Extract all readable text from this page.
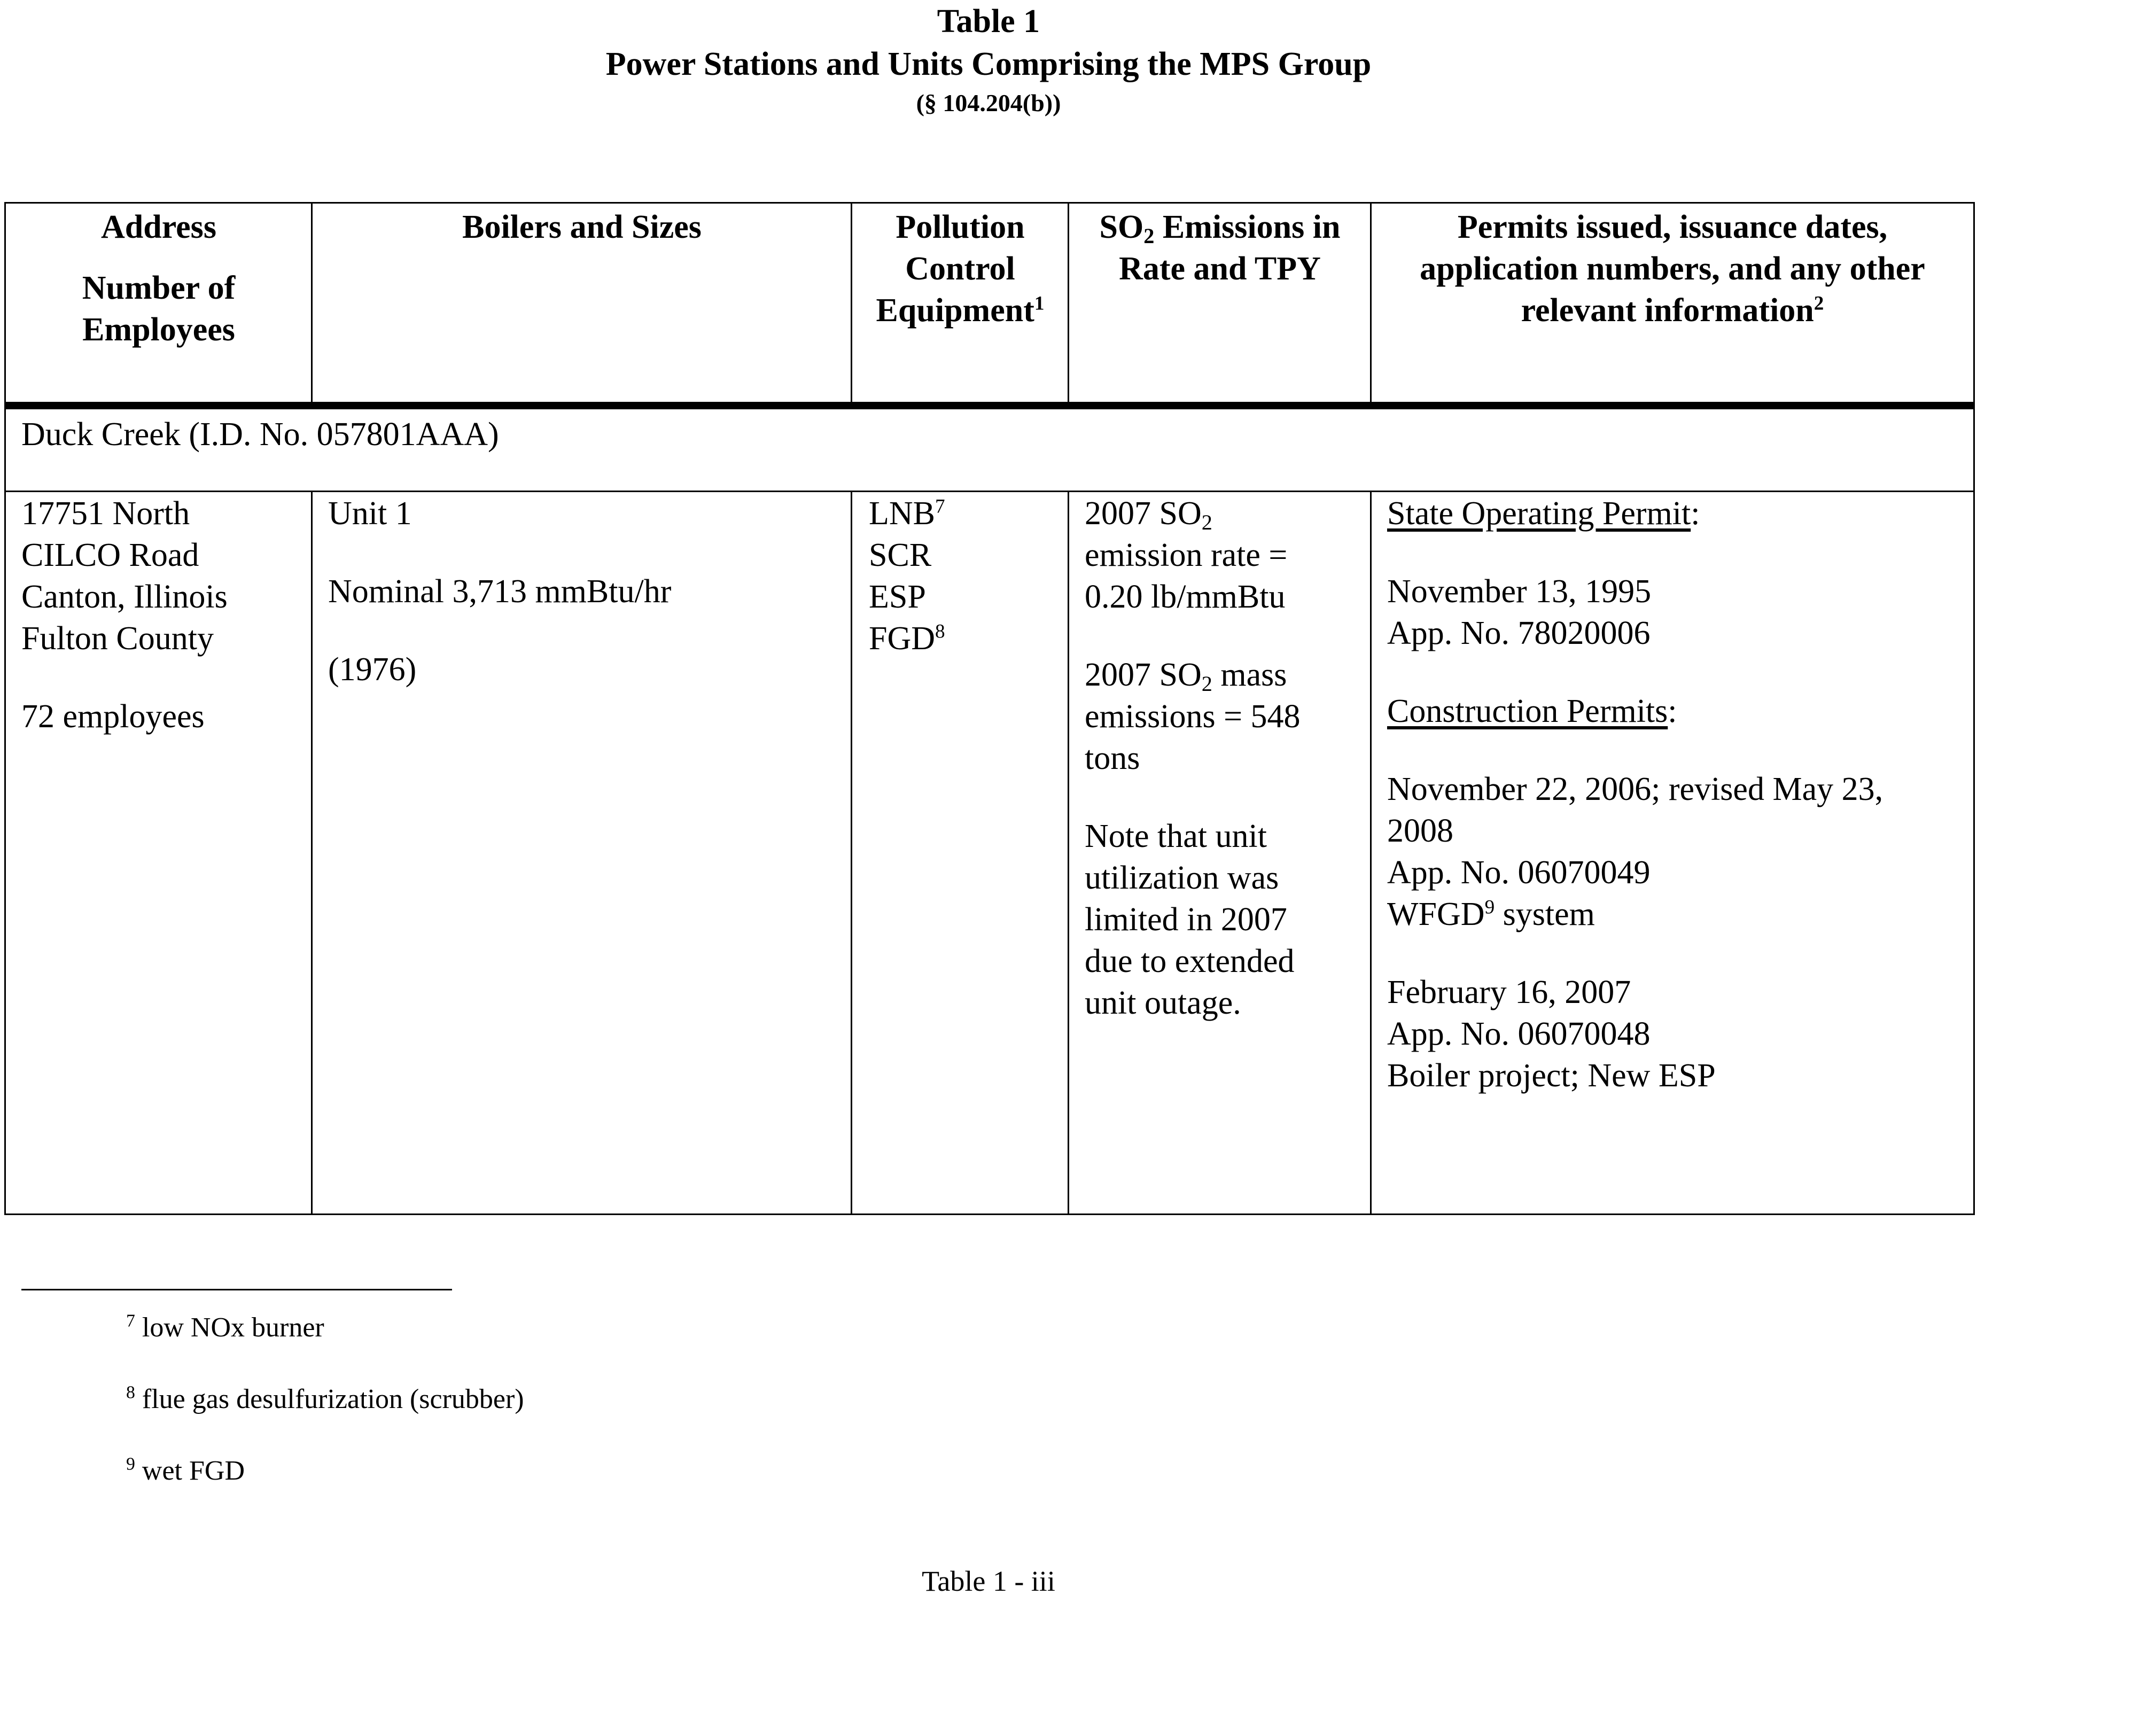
Table 1
Power Stations and Units Comprising the MPS Group
(§ 104.204(b))
Address
Number of Employees
Boilers and Sizes	Pollution Control Equipment$^1$
$SO_2$ Emissions in Rate and TPY
Permits issued, issuance dates, application numbers, and any other relevant information$^2$
Duck Creek (I.D. No. 057801AAA)
17751 North
CILCO Road
Canton, Illinois
Fulton County
72 employees
Unit 1
Nominal 3,713 mmBtu/hr
(1976)
LNB$^7$
SCR
ESP
FGD$^8$
2007 $SO_2$
emission rate =
0.20 lb/mmBtu
2007 $SO_2$ mass
emissions = 548
tons
Note that unit
utilization was
limited in 2007
due to extended
unit outage.
State Operating Permit:
November 13, 1995
App. No. 78020006
Construction Permits:
November 22, 2006; revised May 23,
2008
App. No. 06070049
WFGD$^9$ system
February 16, 2007
App. No. 06070048
Boiler project; New ESP
$^7$ low NOx burner
$^8$ flue gas desulfurization (scrubber)
$^9$ wet FGD
Table 1 - iii
